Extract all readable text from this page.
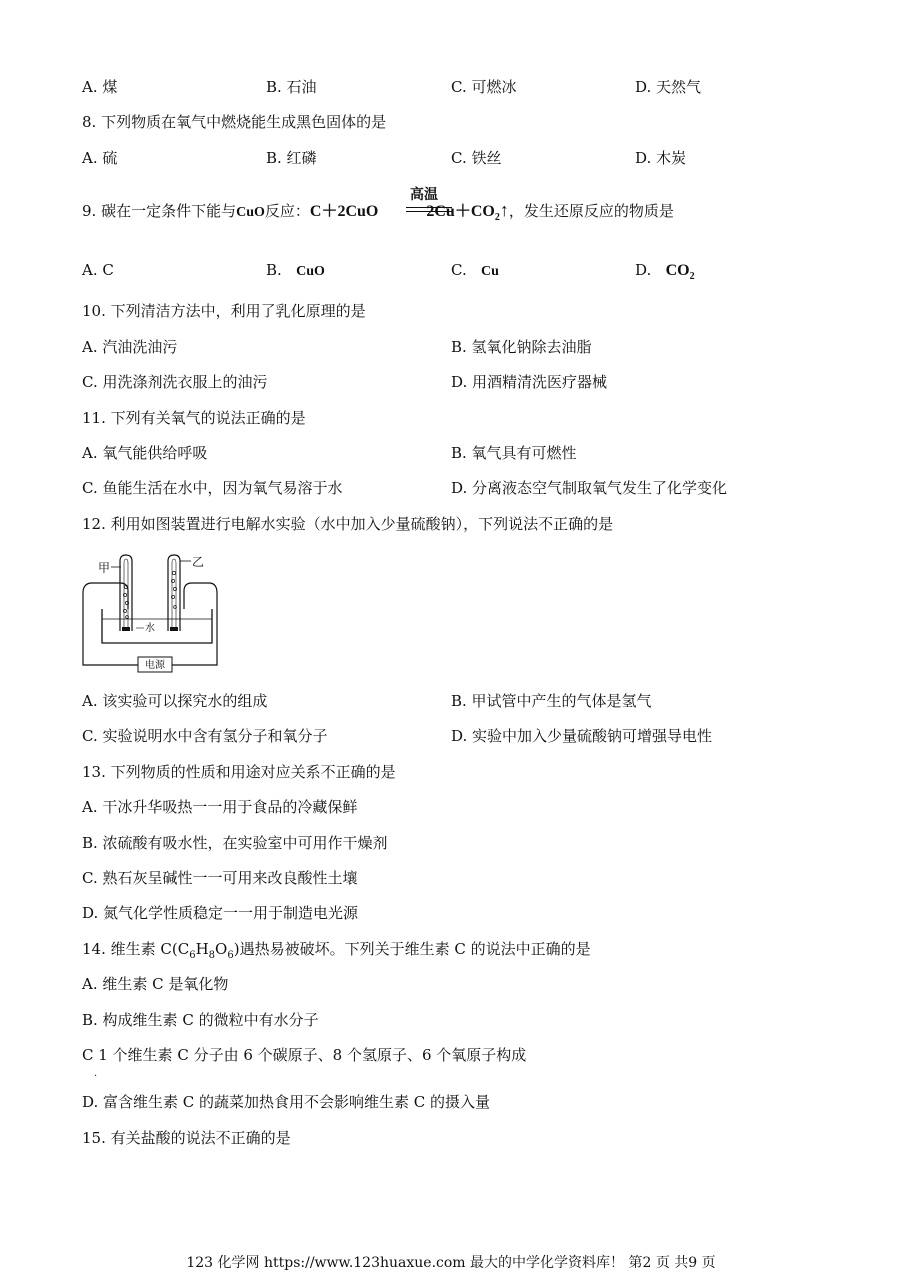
A. 煤	B. 石油	C. 可燃冰	D. 天然气
8. 下列物质在氧气中燃烧能生成黑色固体的是
A. 硫	B. 红磷	C. 铁丝	D. 木炭
9. 碳在一定条件下能与CuO反应：C＋2CuO	$2Cu+CO_2↑$，发生还原反应的物质是
高温
A. C	B. CuO	C. Cu	D. $CO_2$
10. 下列清洁方法中，利用了乳化原理的是
A. 汽油洗油污	B. 氢氧化钠除去油脂
C. 用洗涤剂洗衣服上的油污	D. 用酒精清洗医疗器械
11. 下列有关氧气的说法正确的是
A. 氧气能供给呼吸	B. 氧气具有可燃性
C. 鱼能生活在水中，因为氧气易溶于水	D. 分离液态空气制取氧气发生了化学变化
12. 利用如图装置进行电解水实验（水中加入少量硫酸钠），下列说法不正确的是
电源
水
甲	乙
A. 该实验可以探究水的组成	B. 甲试管中产生的气体是氢气
C. 实验说明水中含有氢分子和氧分子	D. 实验中加入少量硫酸钠可增强导电性
13. 下列物质的性质和用途对应关系不正确的是
A. 干冰升华吸热一一用于食品的冷藏保鲜
B. 浓硫酸有吸水性，在实验室中可用作干燥剂
C. 熟石灰呈碱性一一可用来改良酸性土壤
D. 氮气化学性质稳定一一用于制造电光源
14. 维生素 $C(C_6H_8O_6)$遇热易被破坏。下列关于维生素 C 的说法中正确的是
A. 维生素 C 是氧化物
B. 构成维生素 C 的微粒中有水分子
C 1 个维生素 C 分子由 6 个碳原子、8 个氢原子、6 个氧原子构成
.
D. 富含维生素 C 的蔬菜加热食用不会影响维生素 C 的摄入量
15. 有关盐酸的说法不正确的是
123 化学网 https://www.123huaxue.com 最大的中学化学资料库！ 第2 页 共9 页
